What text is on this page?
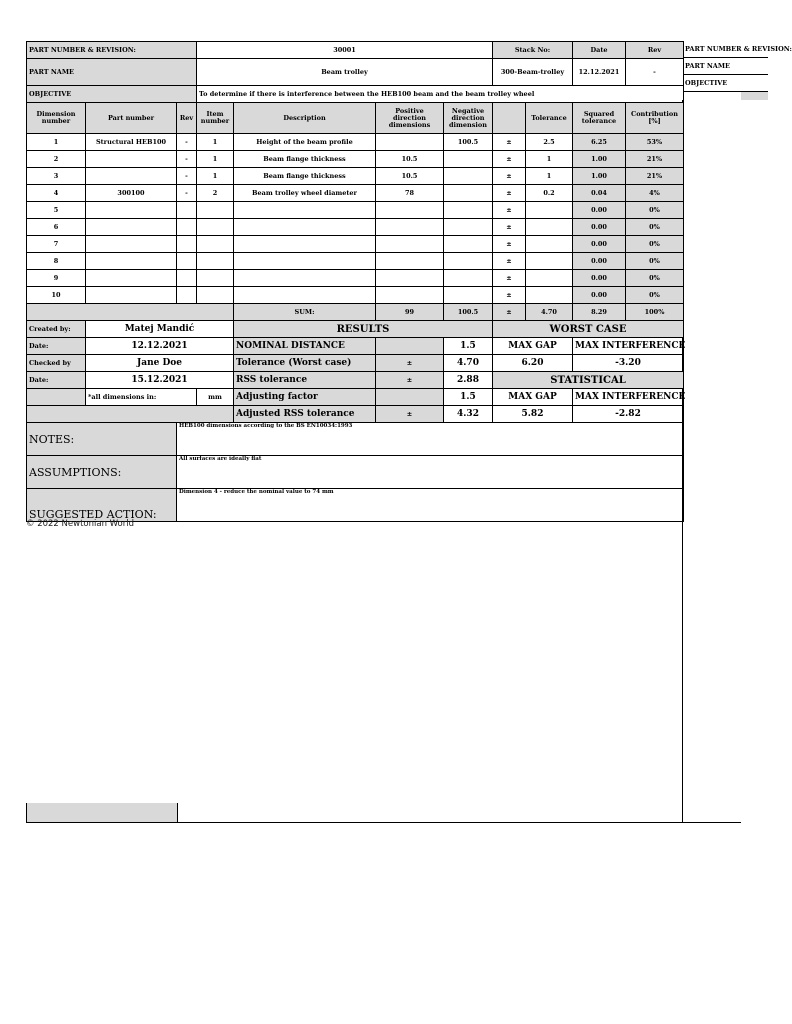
PART NUMBER & REVISION:
PART NAME
OBJECTIVE
PART NUMBER & REVISION:			30001				Stack No:		Date	Rev
PART NAME			Beam trolley				300-Beam-trolley		12.12.2021	-
OBJECTIVE			To determine if there is interference between the HEB100 beam and the beam trolley wheel							
Dimension number	Part number	Rev	Item number	Description	Positive direction dimensions	Negative direction dimension		Tolerance	Squared tolerance	Contribution [%]
1	Structural HEB100	-	1	Height of the beam profile		100.5	±	2.5	6.25	53%
2		-	1	Beam flange thickness	10.5		±	1	1.00	21%
3		-	1	Beam flange thickness	10.5		±	1	1.00	21%
4	300100	-	2	Beam trolley wheel diameter	78		±	0.2	0.04	4%
5							±		0.00	0%
6							±		0.00	0%
7							±		0.00	0%
8							±		0.00	0%
9							±		0.00	0%
10							±		0.00	0%
				SUM:	99	100.5	±	4.70	8.29	100%
Created by:	Matej Mandić			RESULTS			WORST CASE			
Date:	12.12.2021			NOMINAL DISTANCE		1.5	MAX GAP		MAX INTERFERENCE	
Checked by	Jane Doe			Tolerance (Worst case)	±	4.70	6.20		-3.20	
Date:	15.12.2021			RSS tolerance	±	2.88	STATISTICAL			
	*all dimensions in:		mm	Adjusting factor		1.5	MAX GAP		MAX INTERFERENCE	
				Adjusted RSS tolerance	±	4.32	5.82		-2.82	
NOTES:		HEB100 dimensions according to the BS EN10034:1993								
ASSUMPTIONS:		All surfaces are ideally flat								
SUGGESTED ACTION:		Dimension 4 - reduce the nominal value to 74 mm								
© 2022 Newtonian World
